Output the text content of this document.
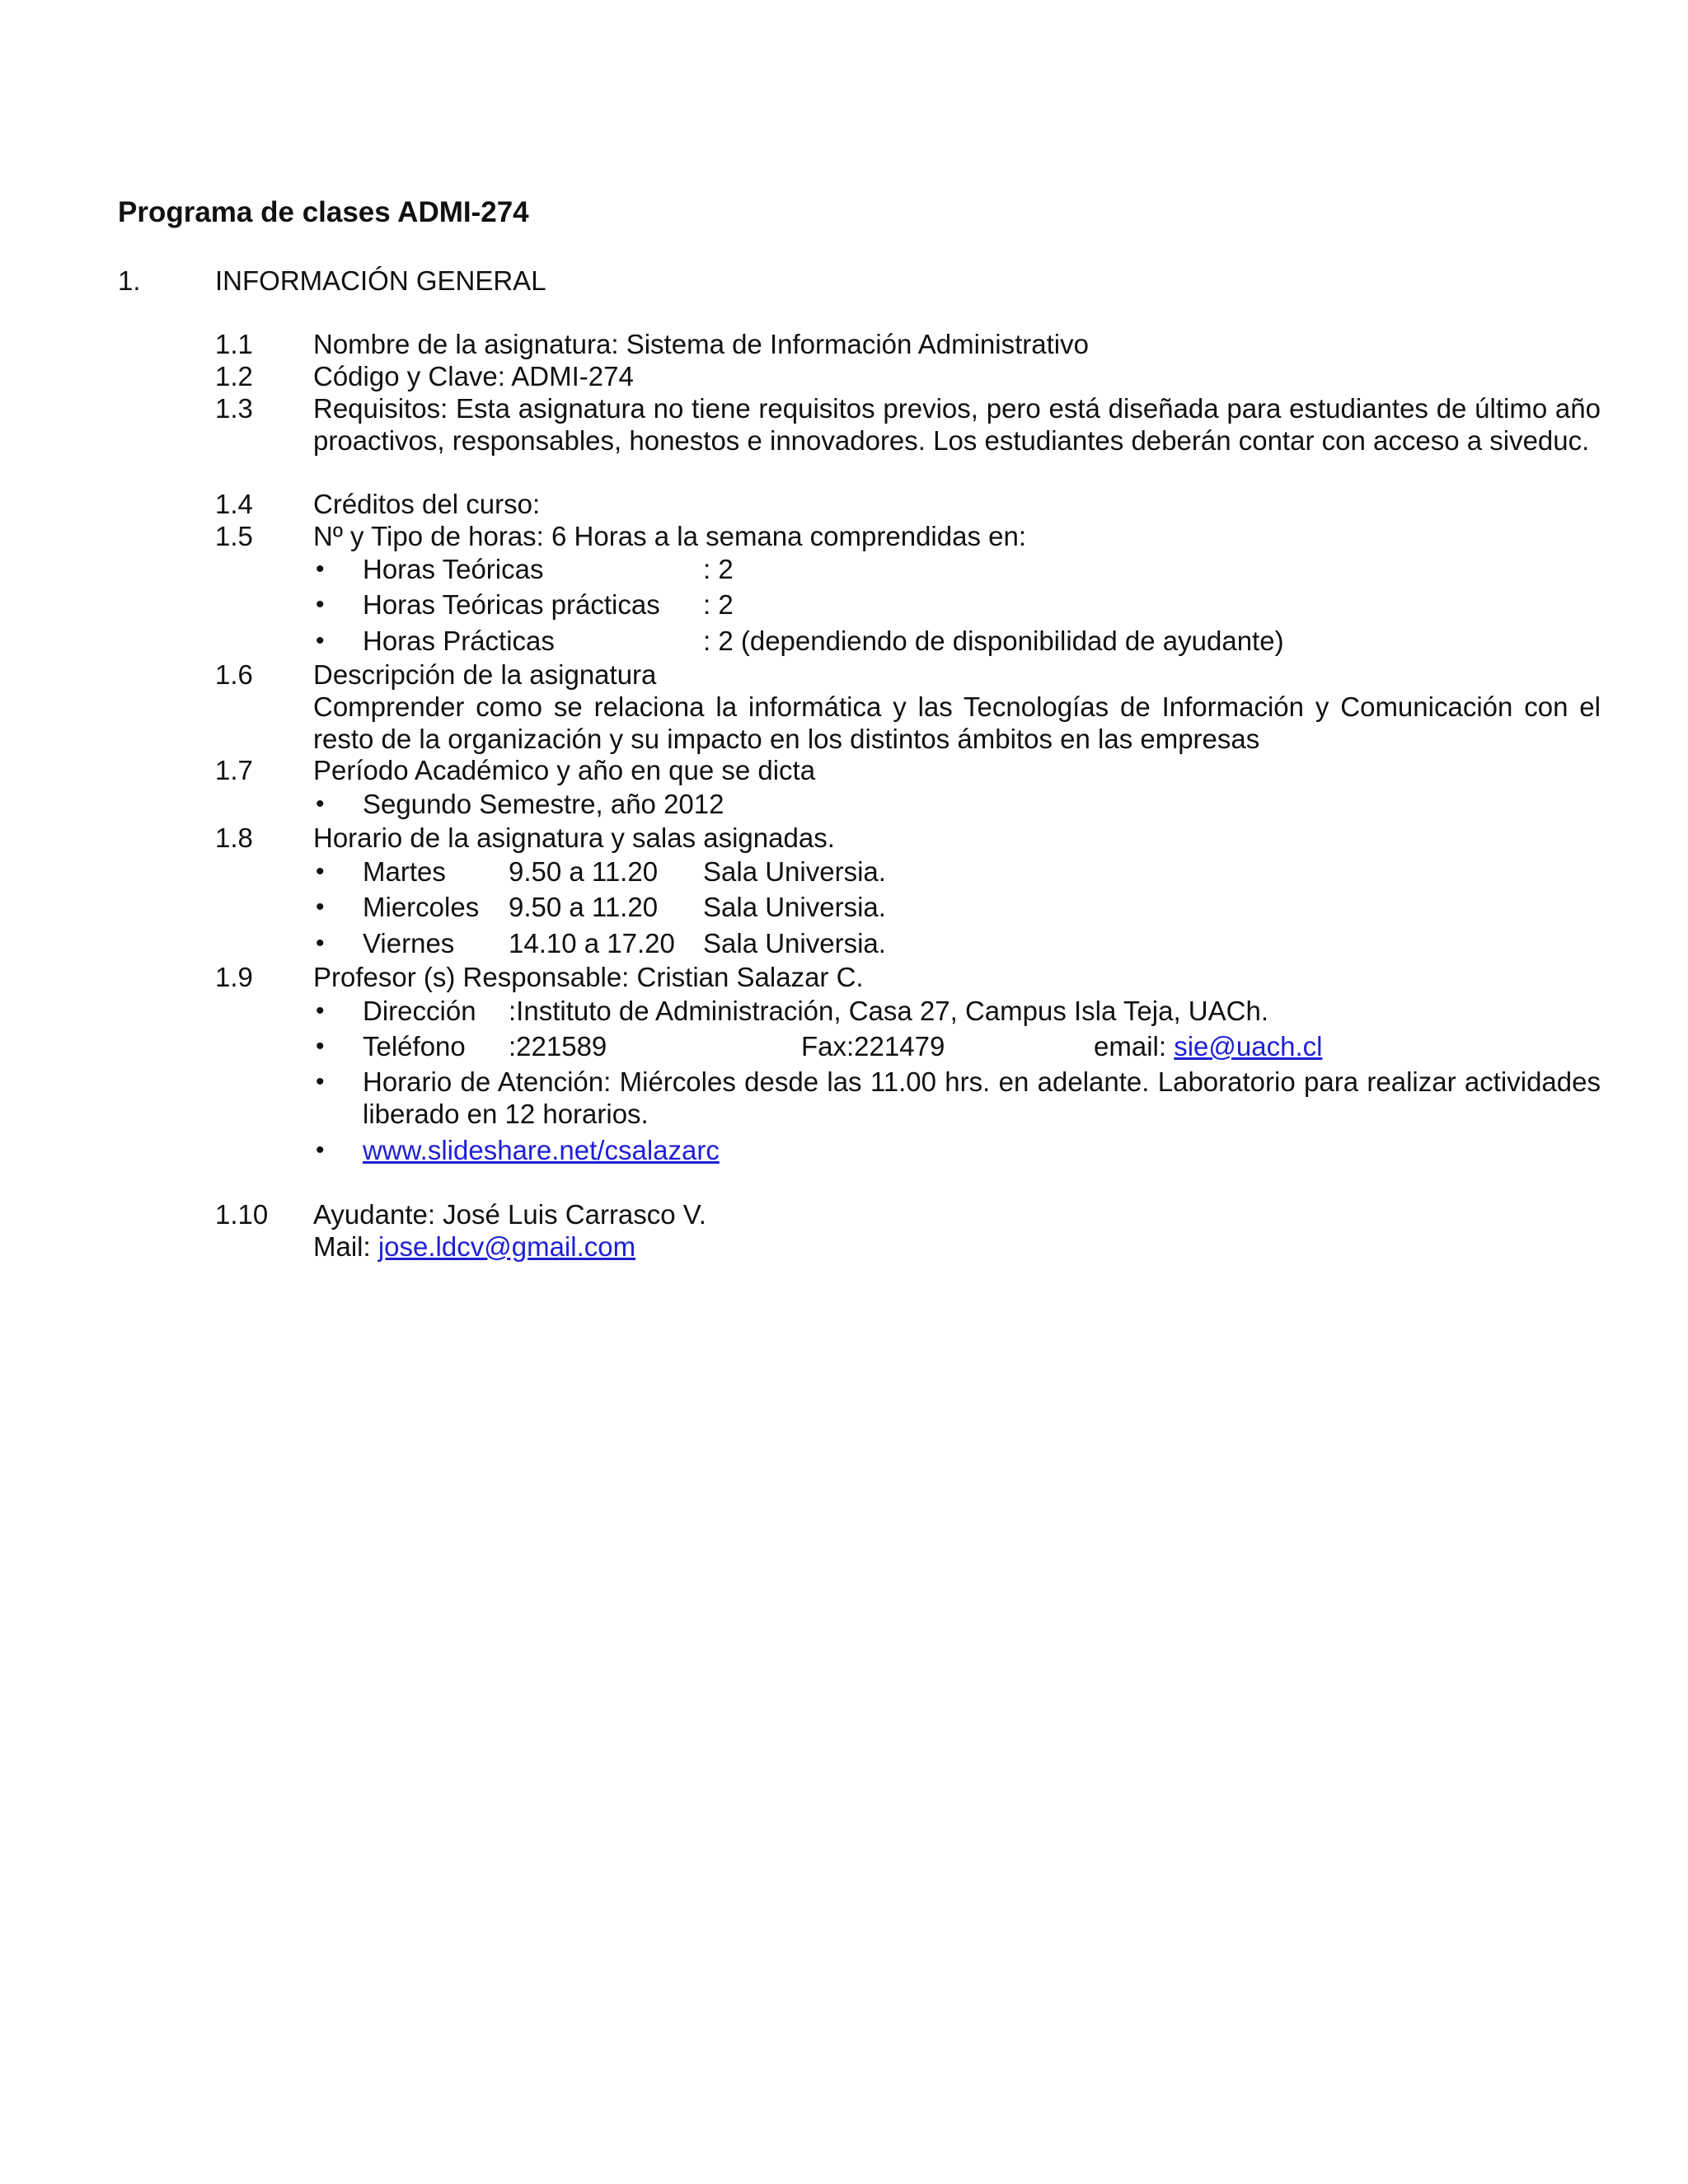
Programa de clases ADMI-274
1.	INFORMACIÓN GENERAL
1.1 Nombre de la asignatura: Sistema de Información Administrativo
1.2 Código y Clave: ADMI-274
1.3 Requisitos: Esta asignatura no tiene requisitos previos, pero está diseñada para estudiantes de último año proactivos, responsables, honestos e innovadores. Los estudiantes deberán contar con acceso a siveduc.
1.4 Créditos del curso:
1.5 Nº y Tipo de horas: 6 Horas a la semana comprendidas en:
• Horas Teóricas	: 2
• Horas Teóricas prácticas : 2
• Horas Prácticas	: 2 (dependiendo de disponibilidad de ayudante)
1.6 Descripción de la asignatura
Comprender como se relaciona la informática y las Tecnologías de Información y Comunicación con el resto de la organización y su impacto en los distintos ámbitos en las empresas
1.7 Período Académico y año en que se dicta
• Segundo Semestre, año 2012
1.8 Horario de la asignatura y salas asignadas.
• Martes 9.50 a 11.20 Sala Universia.
• Miercoles 9.50 a 11.20 Sala Universia.
• Viernes 14.10 a 17.20 Sala Universia.
1.9 Profesor (s) Responsable: Cristian Salazar C.
• Dirección :Instituto de Administración, Casa 27, Campus Isla Teja, UACh.
• Teléfono :221589	Fax:221479	email: sie@uach.cl
• Horario de Atención: Miércoles desde las 11.00 hrs. en adelante. Laboratorio para realizar actividades liberado en 12 horarios.
• www.slideshare.net/csalazarc
1.10 Ayudante: José Luis Carrasco V.
Mail: jose.ldcv@gmail.com
